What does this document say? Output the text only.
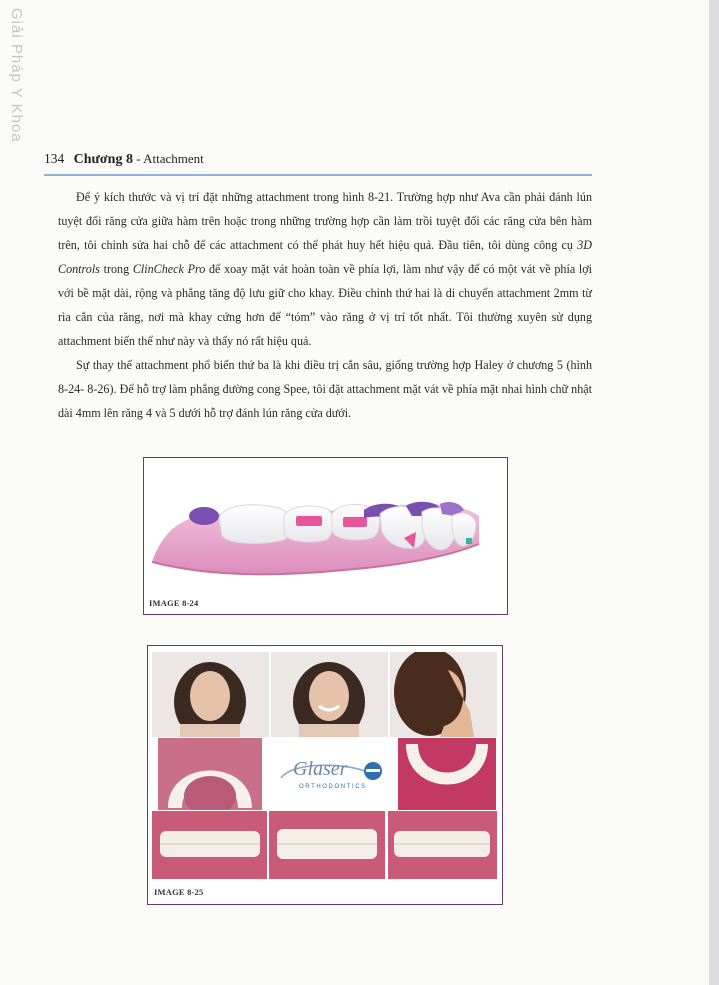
Giải Pháp Y Khoa
134 Chương 8 - Attachment

Để ý kích thước và vị trí đặt những attachment trong hình 8-21. Trường hợp như Ava cần phải đánh lún tuyệt đối răng cửa giữa hàm trên hoặc trong những trường hợp cần làm trồi tuyệt đối các răng cửa bên hàm trên, tôi chỉnh sửa hai chỗ để các attachment có thể phát huy hết hiệu quả. Đầu tiên, tôi dùng công cụ 3D Controls trong ClinCheck Pro để xoay mặt vát hoàn toàn về phía lợi, làm như vậy để có một vát về phía lợi với bề mặt dài, rộng và phẳng tăng độ lưu giữ cho khay. Điều chỉnh thứ hai là di chuyển attachment 2mm từ rìa cắn của răng, nơi mà khay cứng hơn để “tóm” vào răng ở vị trí tốt nhất. Tôi thường xuyên sử dụng attachment biến thể như này và thấy nó rất hiệu quả.

Sự thay thế attachment phổ biến thứ ba là khi điều trị cắn sâu, giống trường hợp Haley ở chương 5 (hình 8-24- 8-26). Để hỗ trợ làm phẳng đường cong Spee, tôi đặt attachment mặt vát về phía mặt nhai hình chữ nhật dài 4mm lên răng 4 và 5 dưới hỗ trợ đánh lún răng cửa dưới.

IMAGE 8-24
Glaser
ORTHODONTICS
IMAGE 8-25
